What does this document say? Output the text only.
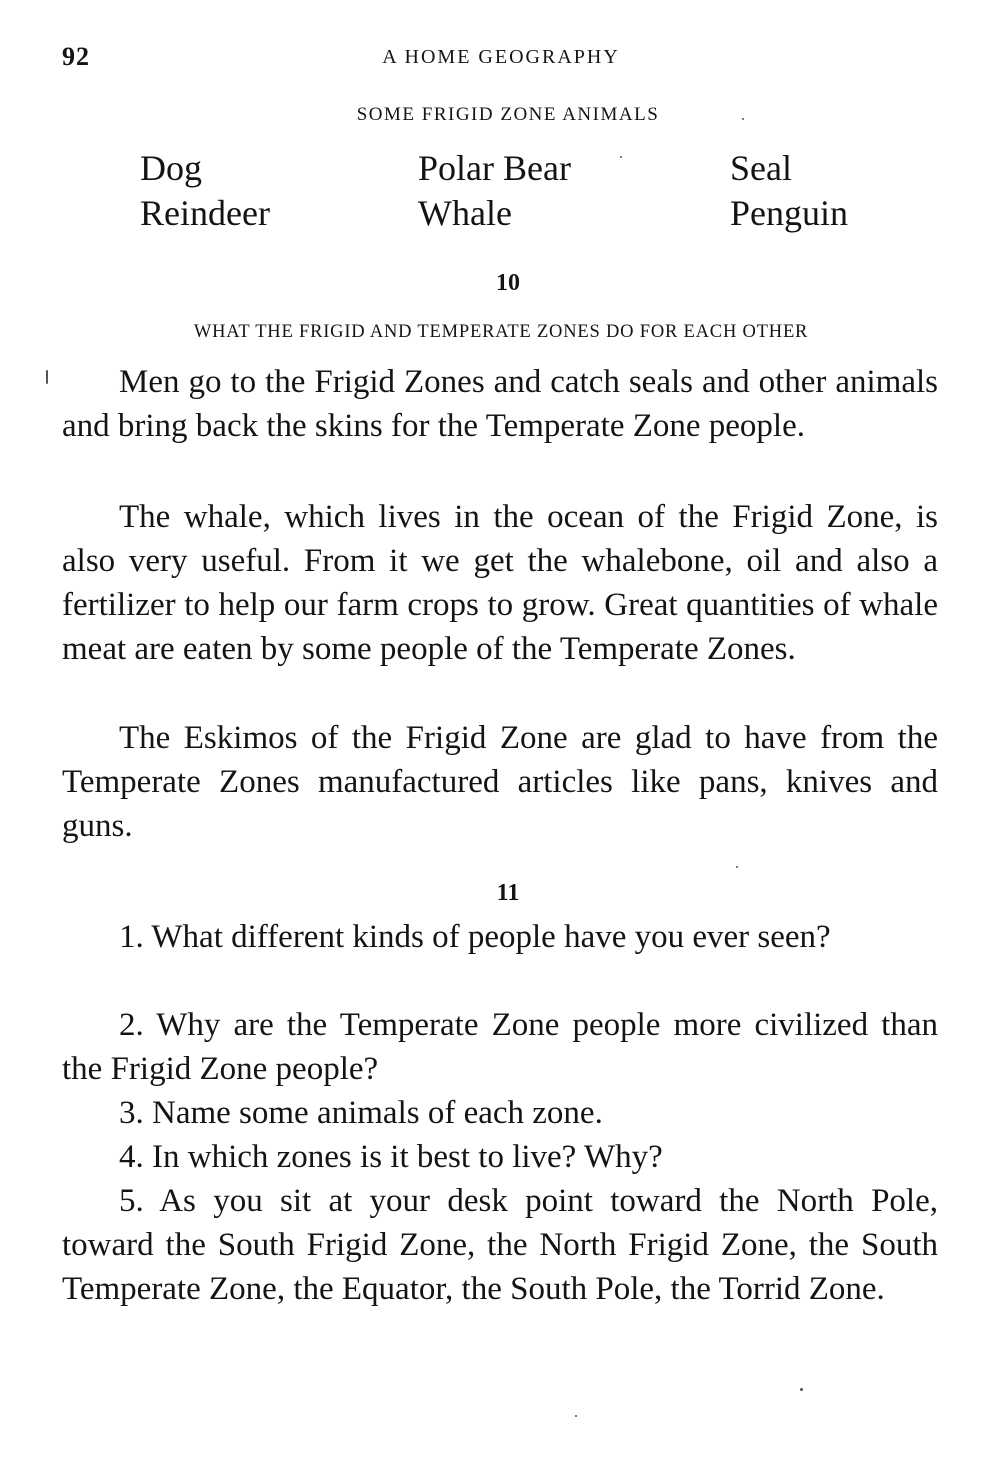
92	A HOME GEOGRAPHY
SOME FRIGID ZONE ANIMALS
Dog	Polar Bear	Seal
Reindeer	Whale	Penguin
10
WHAT THE FRIGID AND TEMPERATE ZONES DO FOR EACH OTHER

Men go to the Frigid Zones and catch seals and other animals and bring back the skins for the Temperate Zone people.

The whale, which lives in the ocean of the Frigid Zone, is also very useful. From it we get the whalebone, oil and also a fertilizer to help our farm crops to grow. Great quantities of whale meat are eaten by some people of the Temperate Zones.

The Eskimos of the Frigid Zone are glad to have from the Temperate Zones manufactured articles like pans, knives and guns.

11

1. What different kinds of people have you ever seen?

2. Why are the Temperate Zone people more civilized than the Frigid Zone people?

3. Name some animals of each zone.

4. In which zones is it best to live? Why?

5. As you sit at your desk point toward the North Pole, toward the South Frigid Zone, the North Frigid Zone, the South Temperate Zone, the Equator, the South Pole, the Torrid Zone.
